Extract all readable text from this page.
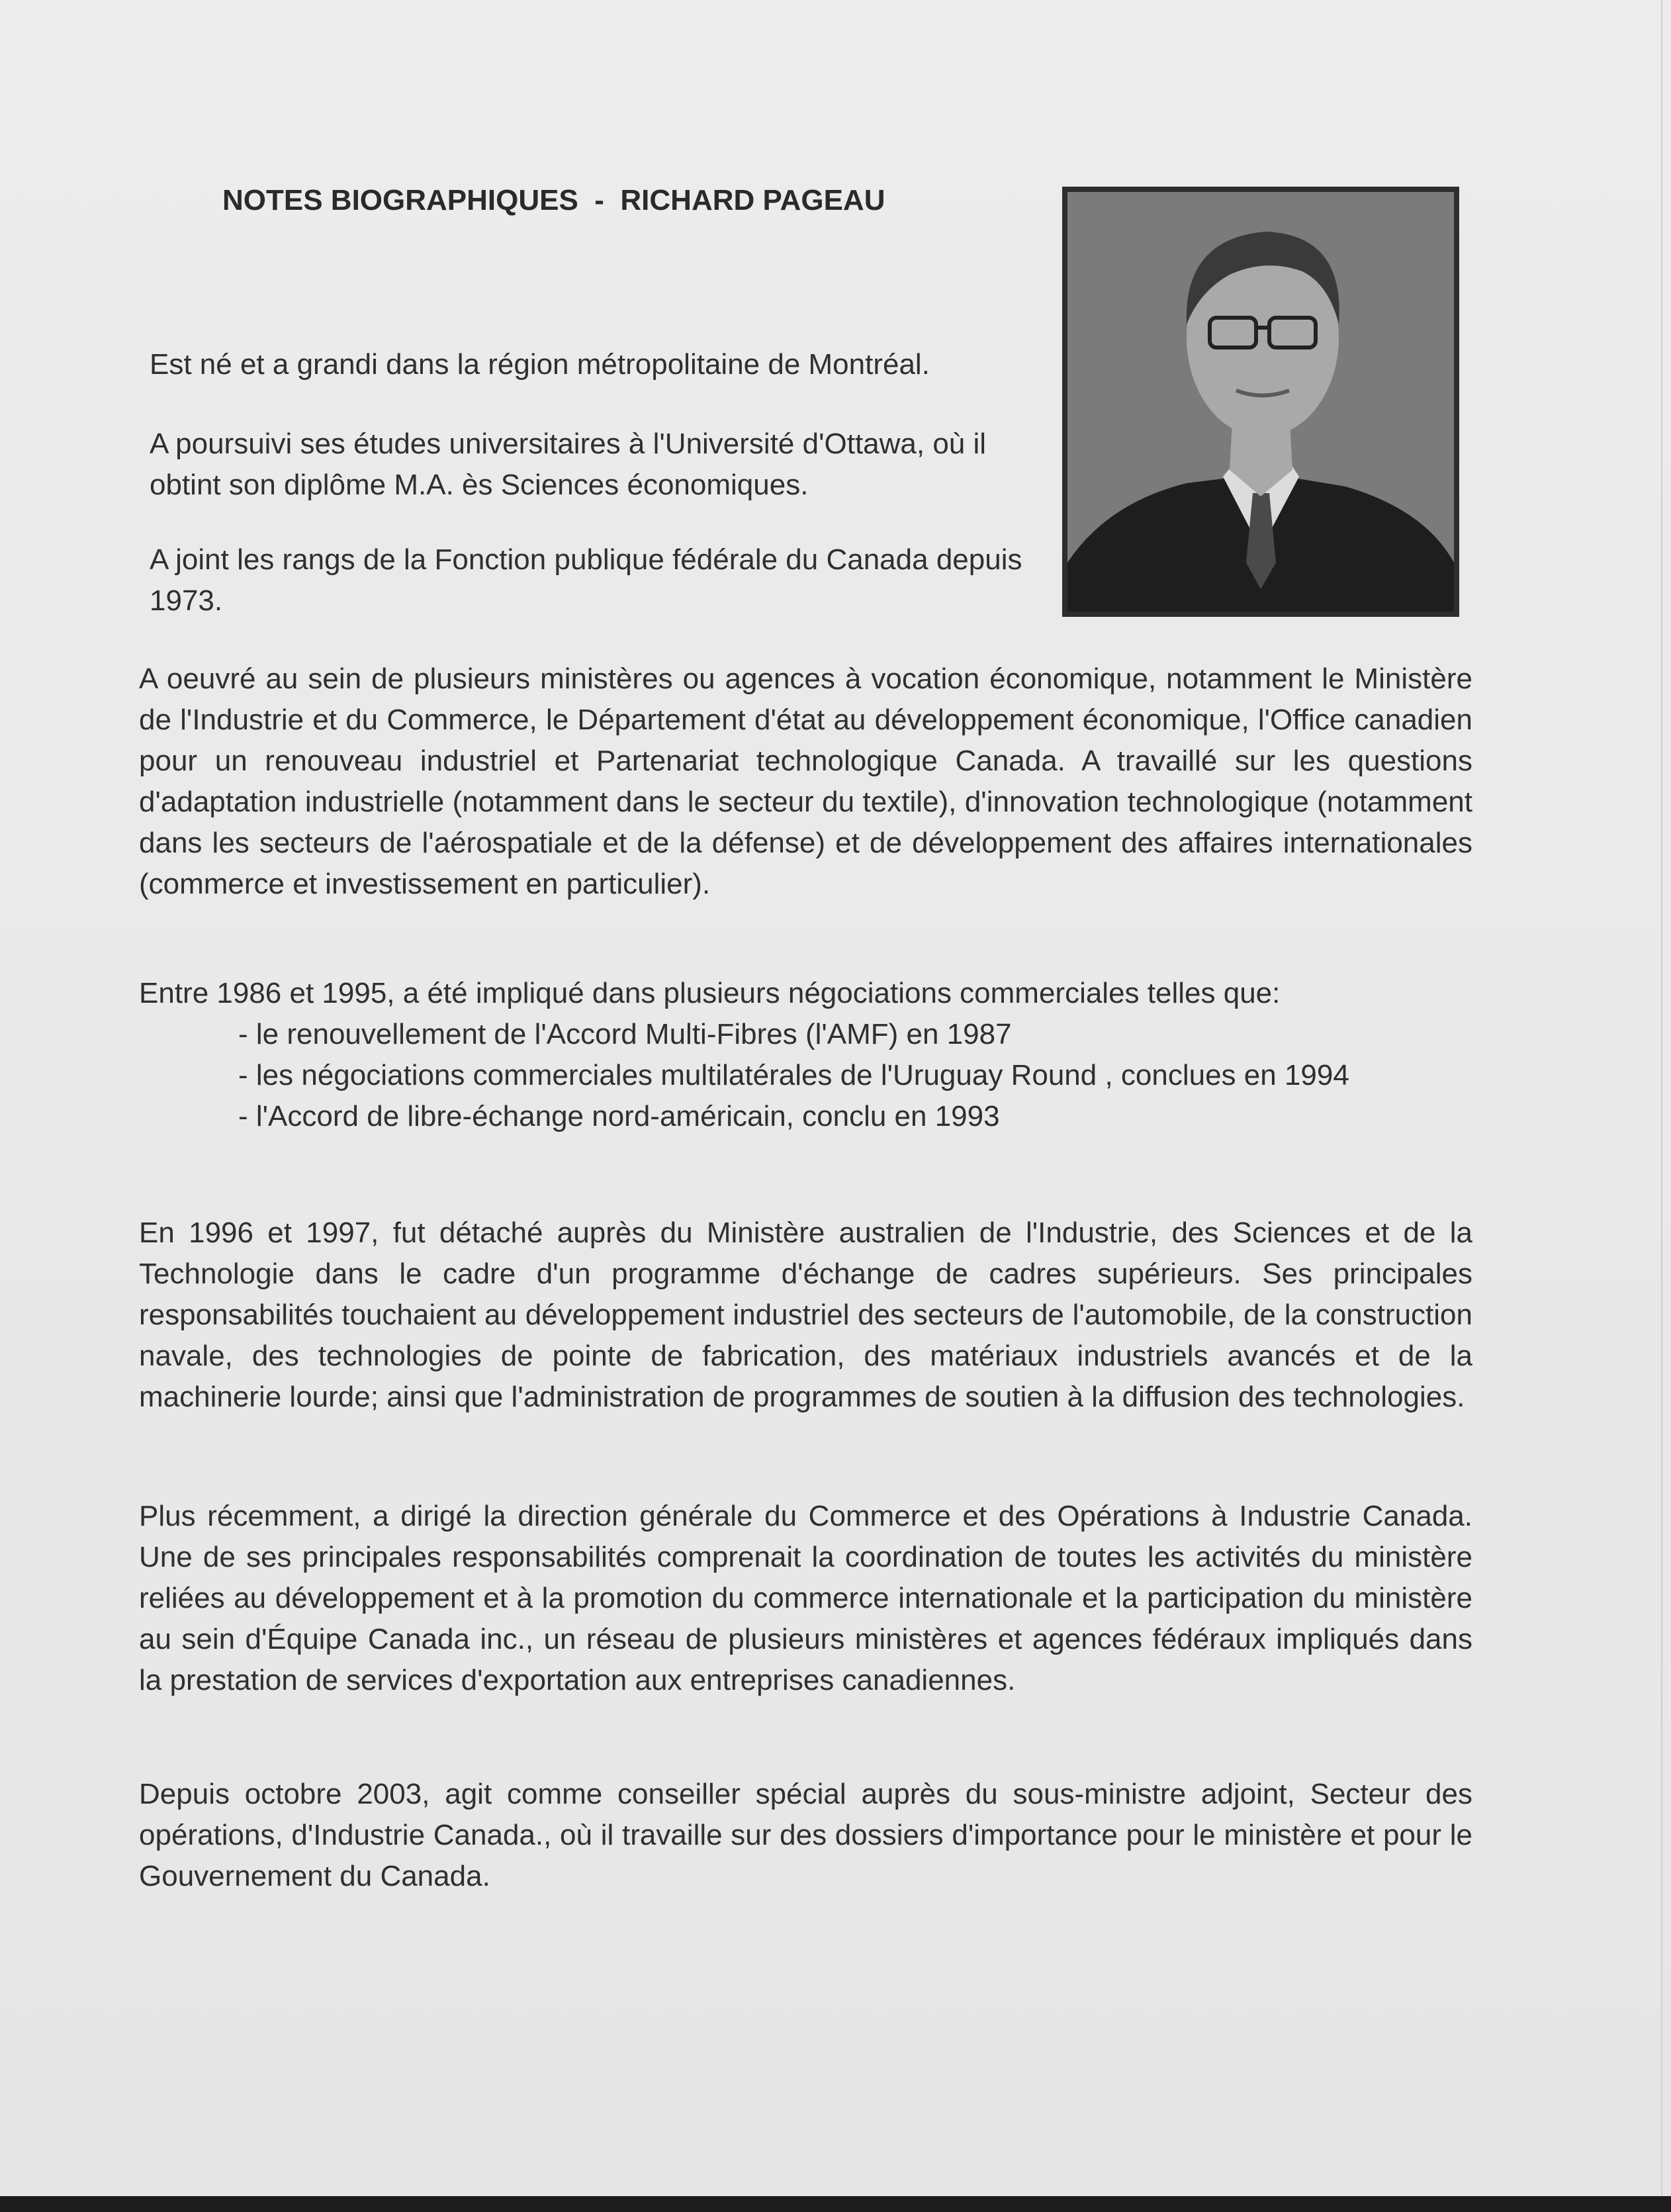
NOTES BIOGRAPHIQUES  -  RICHARD PAGEAU

Est né et a grandi dans la région métropolitaine de Montréal.

A poursuivi ses études universitaires à l'Université d'Ottawa, où il obtint son diplôme M.A. ès Sciences économiques.

A joint les rangs de la Fonction publique fédérale du Canada depuis 1973.

A oeuvré au sein de plusieurs ministères ou agences à vocation économique, notamment le Ministère de l'Industrie et du Commerce, le Département d'état au développement économique, l'Office canadien pour un renouveau industriel et Partenariat technologique Canada. A travaillé sur les questions d'adaptation industrielle (notamment dans le secteur du textile), d'innovation technologique (notamment dans les secteurs de l'aérospatiale et de la défense) et de développement des affaires internationales (commerce et investissement en particulier).

Entre 1986 et 1995, a été impliqué dans plusieurs négociations commerciales telles que:
- le renouvellement de l'Accord Multi-Fibres (l'AMF) en 1987
- les négociations commerciales multilatérales de l'Uruguay Round , conclues en 1994
- l'Accord de libre-échange nord-américain, conclu en 1993

En 1996 et 1997, fut détaché auprès du Ministère australien de l'Industrie, des Sciences et de la Technologie dans le cadre d'un programme d'échange de cadres supérieurs. Ses principales responsabilités touchaient au développement industriel des secteurs de l'automobile, de la construction navale, des technologies de pointe de fabrication, des matériaux industriels avancés et de la machinerie lourde; ainsi que l'administration de programmes de soutien à la diffusion des technologies.

Plus récemment, a dirigé la direction générale du Commerce et des Opérations à Industrie Canada. Une de ses principales responsabilités comprenait la coordination de toutes les activités du ministère reliées au développement et à la promotion du commerce internationale et la participation du ministère au sein d'Équipe Canada inc., un réseau de plusieurs ministères et agences fédéraux impliqués dans la prestation de services d'exportation aux entreprises canadiennes.

Depuis octobre 2003, agit comme conseiller spécial auprès du sous-ministre adjoint, Secteur des opérations, d'Industrie Canada., où il travaille sur des dossiers d'importance pour le ministère et pour le Gouvernement du Canada.
